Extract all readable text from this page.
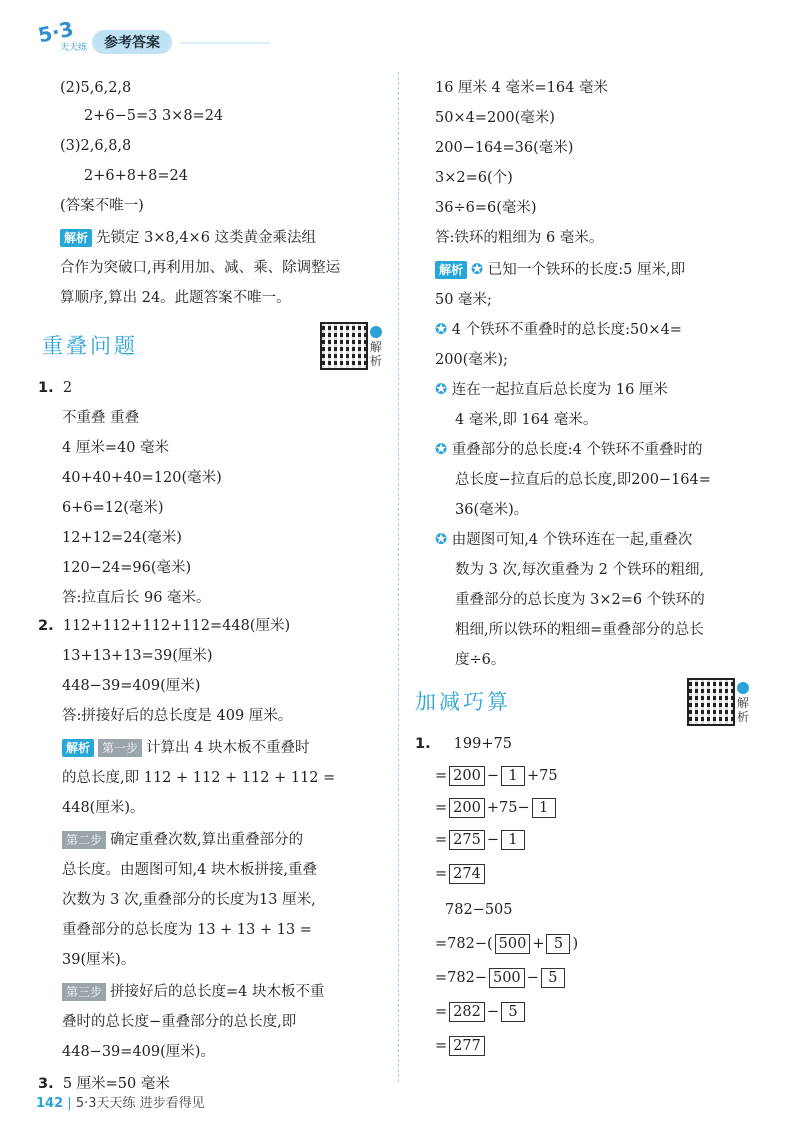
5·3
天天练	参考答案
(2)5,6,2,8
2+6−5=3 3×8=24
(3)2,6,8,8
2+6+8+8=24
(答案不唯一)
解析 先锁定 3×8,4×6 这类黄金乘法组
合作为突破口,再利用加、减、乘、除调整运
算顺序,算出 24。此题答案不唯一。
重叠问题	解析
1. 2
不重叠 重叠
4 厘米=40 毫米
40+40+40=120(毫米)
6+6=12(毫米)
12+12=24(毫米)
120−24=96(毫米)
答:拉直后长 96 毫米。
2. 112+112+112+112=448(厘米)
13+13+13=39(厘米)
448−39=409(厘米)
答:拼接好后的总长度是 409 厘米。
解析 第一步 计算出 4 块木板不重叠时
的总长度,即 112 + 112 + 112 + 112 =
448(厘米)。
第二步 确定重叠次数,算出重叠部分的
总长度。由题图可知,4 块木板拼接,重叠
次数为 3 次,重叠部分的长度为13 厘米,
重叠部分的总长度为 13 + 13 + 13 =
39(厘米)。
第三步 拼接好后的总长度=4 块木板不重
叠时的总长度−重叠部分的总长度,即
448−39=409(厘米)。
3. 5 厘米=50 毫米
16 厘米 4 毫米=164 毫米
50×4=200(毫米)
200−164=36(毫米)
3×2=6(个)
36÷6=6(毫米)
答:铁环的粗细为 6 毫米。
解析 ✪ 已知一个铁环的长度:5 厘米,即
50 毫米;
✪ 4 个铁环不重叠时的总长度:50×4=
200(毫米);
✪ 连在一起拉直后总长度为 16 厘米
4 毫米,即 164 毫米。
✪ 重叠部分的总长度:4 个铁环不重叠时的
总长度−拉直后的总长度,即200−164=
36(毫米)。
✪ 由题图可知,4 个铁环连在一起,重叠次
数为 3 次,每次重叠为 2 个铁环的粗细,
重叠部分的总长度为 3×2=6 个铁环的
粗细,所以铁环的粗细=重叠部分的总长
度÷6。
加减巧算	解析
1. 199+75
= 200 − 1 +75
= 200 +75− 1
= 275 − 1
= 274
782−505
=782−( 500 + 5 )
=782− 500 − 5
= 282 − 5
= 277
142 | 5·3天天练 进步看得见
